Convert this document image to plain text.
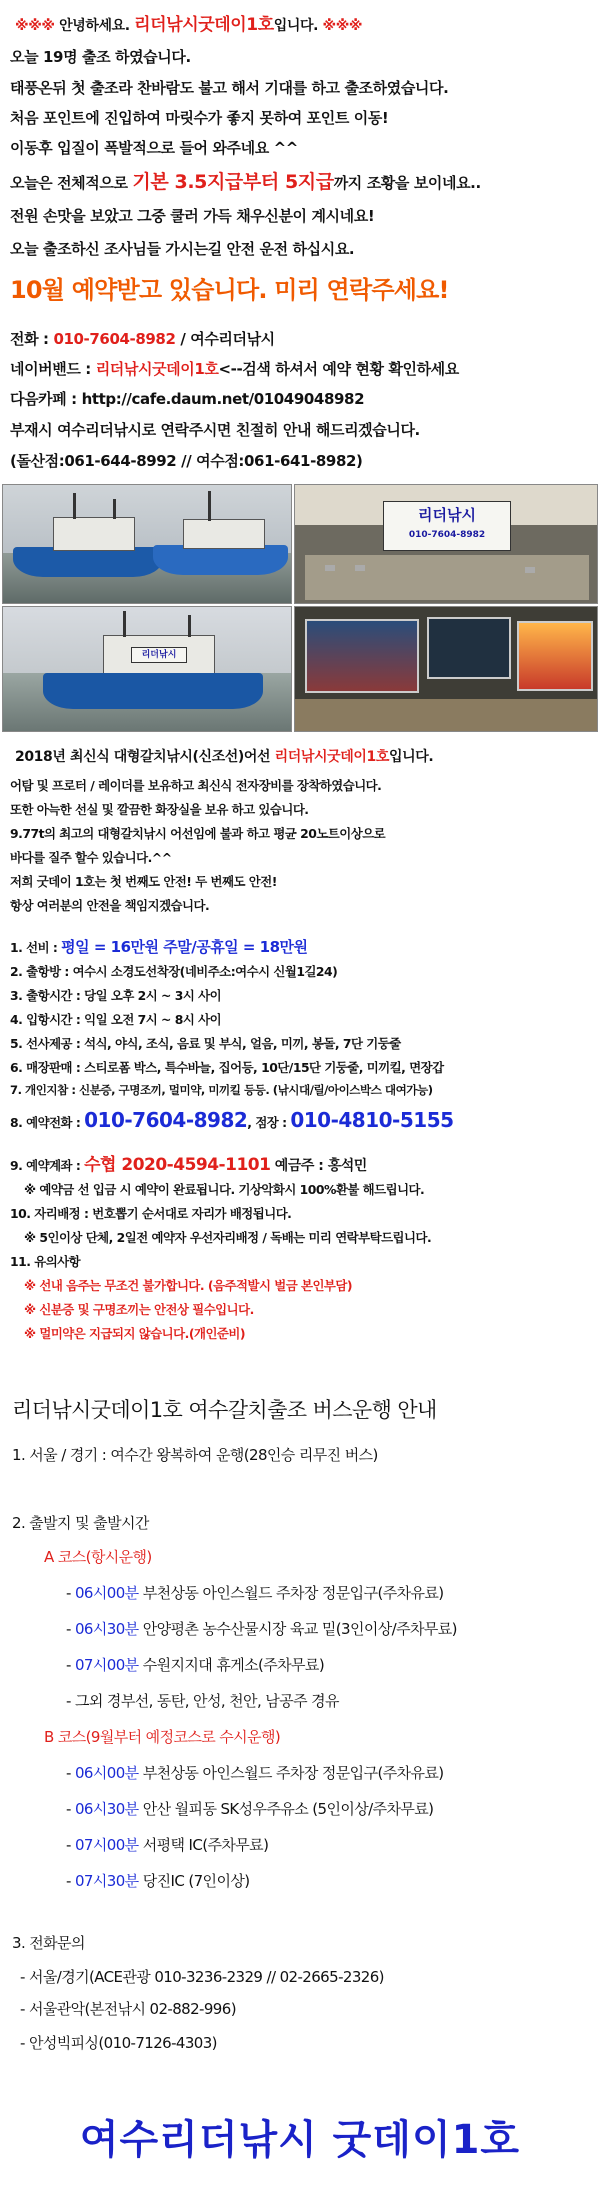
※※※ 안녕하세요. 리더낚시굿데이1호입니다. ※※※
오늘 19명 출조 하였습니다.
태풍온뒤 첫 출조라 찬바람도 불고 해서 기대를 하고 출조하였습니다.
처음 포인트에 진입하여 마릿수가 좋지 못하여 포인트 이동!
이동후 입질이 폭발적으로 들어 와주네요 ^^
오늘은 전체적으로 기본 3.5지급부터 5지급까지 조황을 보이네요..
전원 손맛을 보았고 그중 쿨러 가득 채우신분이 계시네요!
오늘 출조하신 조사님들 가시는길 안전 운전 하십시요.
10월 예약받고 있습니다. 미리 연락주세요!
전화 : 010-7604-8982 / 여수리더낚시
네이버밴드 : 리더낚시굿데이1호<--검색 하셔서 예약 현황 확인하세요
다음카페 : http://cafe.daum.net/01049048982
부재시 여수리더낚시로 연락주시면 친절히 안내 해드리겠습니다.
(돌산점:061-644-8992 // 여수점:061-641-8982)
리더낚시
010-7604-8982
리더낚시
2018년 최신식 대형갈치낚시(신조선)어선 리더낚시굿데이1호입니다.
어탐 및 프로터 / 레이더를 보유하고 최신식 전자장비를 장착하였습니다.
또한 아늑한 선실 및 깔끔한 화장실을 보유 하고 있습니다.
9.77t의 최고의 대형갈치낚시 어선임에 불과 하고 평균 20노트이상으로
바다를 질주 할수 있습니다.^^
저희 굿데이 1호는 첫 번째도 안전! 두 번째도 안전!
항상 여러분의 안전을 책임지겠습니다.
1. 선비 : 평일 = 16만원 주말/공휴일 = 18만원
2. 출항방 : 여수시 소경도선착장(네비주소:여수시 신월1길24)
3. 출항시간 : 당일 오후 2시 ~ 3시 사이
4. 입항시간 : 익일 오전 7시 ~ 8시 사이
5. 선사제공 : 석식, 야식, 조식, 음료 및 부식, 얼음, 미끼, 봉돌, 7단 기둥줄
6. 매장판매 : 스티로폼 박스, 특수바늘, 집어등, 10단/15단 기둥줄, 미끼킬, 면장갑
7. 개인지참 : 신분증, 구명조끼, 멀미약, 미끼킬 등등. (낚시대/릴/아이스박스 대여가능)
8. 예약전화 : 010-7604-8982, 점장 : 010-4810-5155
9. 예약계좌 : 수협 2020-4594-1101 예금주 : 홍석민
※ 예약금 선 입금 시 예약이 완료됩니다. 기상악화시 100%환불 해드립니다.
10. 자리배정 : 번호뽑기 순서대로 자리가 배정됩니다.
※ 5인이상 단체, 2일전 예약자 우선자리배정 / 독배는 미리 연락부탁드립니다.
11. 유의사항
※ 선내 음주는 무조건 불가합니다. (음주적발시 벌금 본인부담)
※ 신분증 및 구명조끼는 안전상 필수입니다.
※ 멀미약은 지급되지 않습니다.(개인준비)
리더낚시굿데이1호 여수갈치출조 버스운행 안내
1. 서울 / 경기 : 여수간 왕복하여 운행(28인승 리무진 버스)
2. 출발지 및 출발시간
A 코스(항시운행)
- 06시00분 부천상동 아인스월드 주차장 정문입구(주차유료)
- 06시30분 안양평촌 농수산물시장 육교 밑(3인이상/주차무료)
- 07시00분 수원지지대 휴게소(주차무료)
- 그외 경부선, 동탄, 안성, 천안, 남공주 경유
B 코스(9월부터 예정코스로 수시운행)
- 06시00분 부천상동 아인스월드 주차장 정문입구(주차유료)
- 06시30분 안산 월피동 SK성우주유소 (5인이상/주차무료)
- 07시00분 서평택 IC(주차무료)
- 07시30분 당진IC (7인이상)
3. 전화문의
- 서울/경기(ACE관광 010-3236-2329 // 02-2665-2326)
- 서울관악(본전낚시 02-882-996)
- 안성빅피싱(010-7126-4303)
여수리더낚시 굿데이1호
